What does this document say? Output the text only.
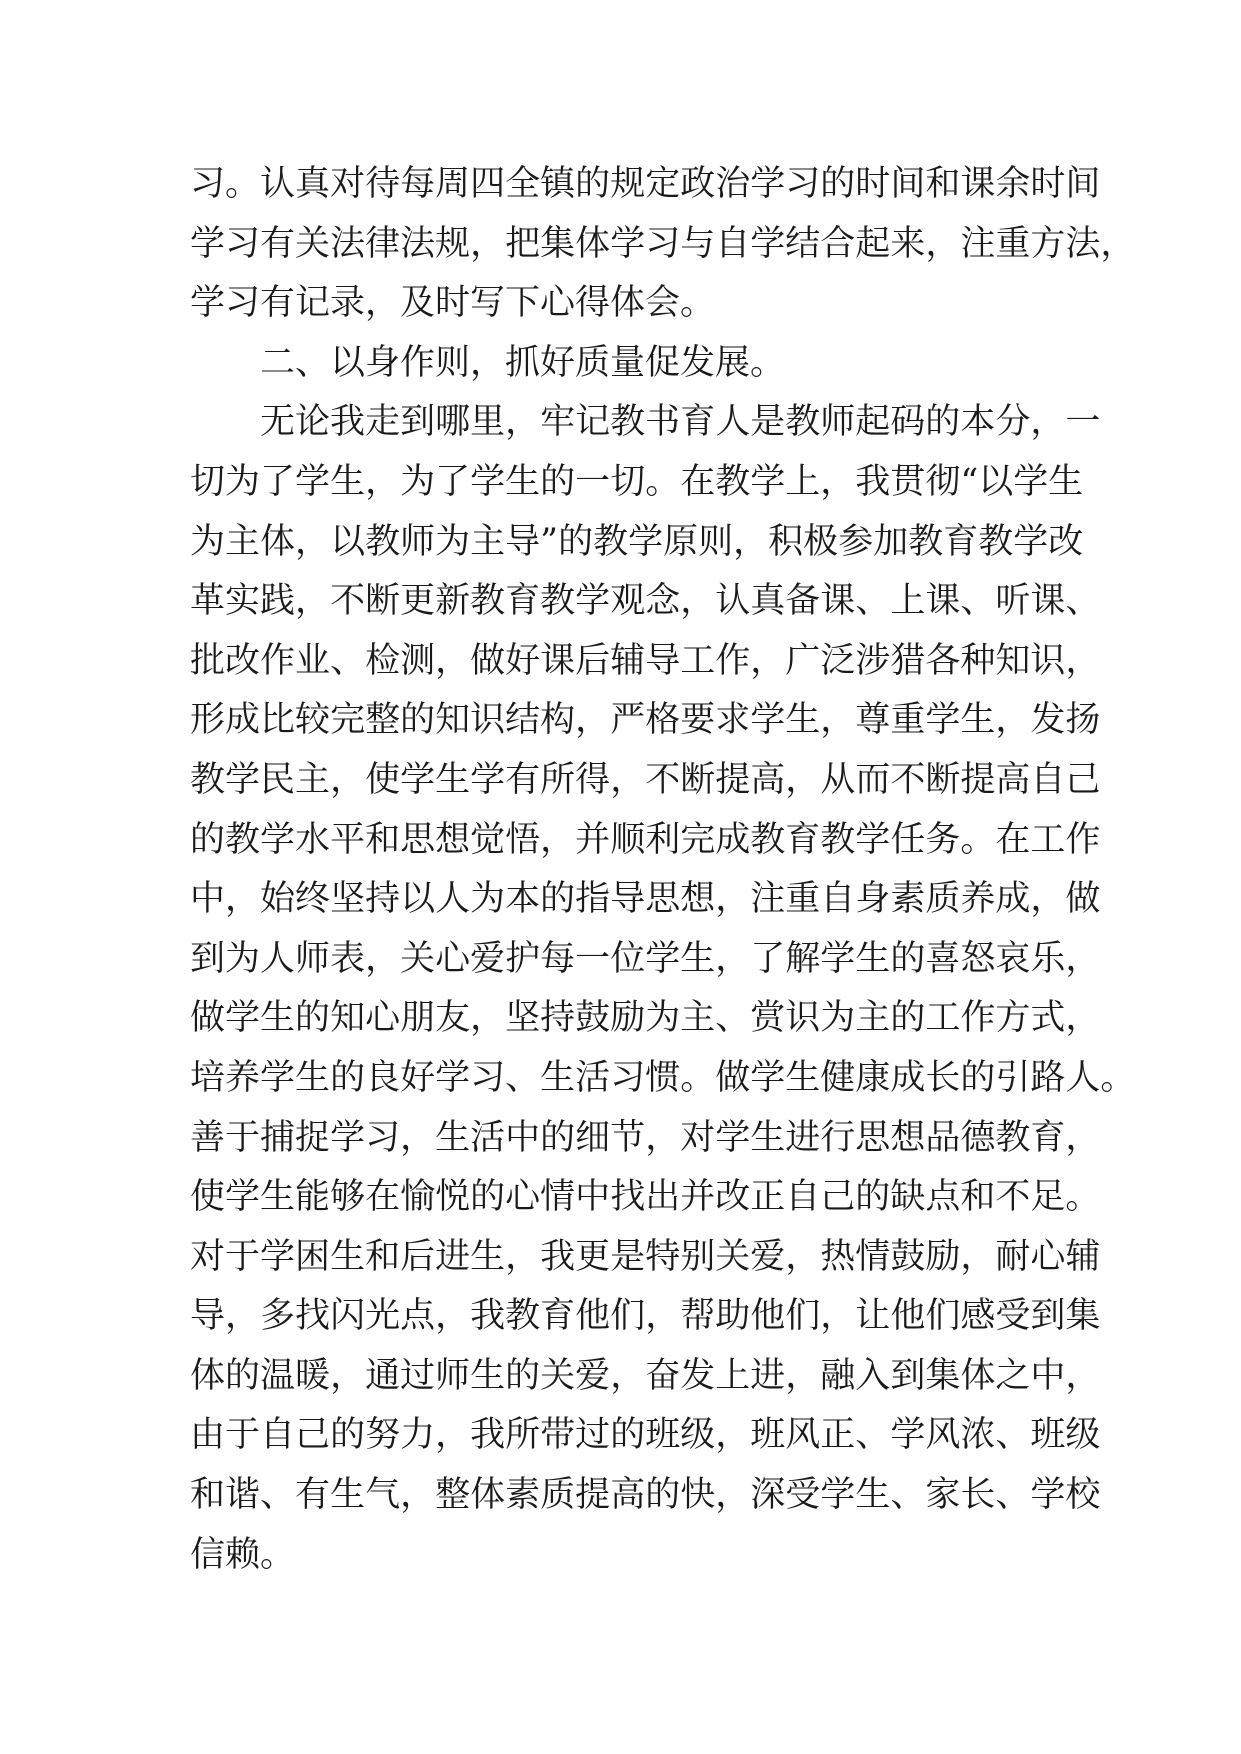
习 。 认 真 对 待 每 周 四 全 镇 的 规 定 政 治 学 习 的 时 间 和 课 余 时 间
学 习 有 关 法 律 法 规 ， 把 集 体 学 习 与 自 学 结 合 起 来 ， 注 重 方 法 ，
学习有记录，及时写下心得体会。
二、以身作则，抓好质量促发展。
无 论 我 走 到 哪 里 ， 牢 记 教 书 育 人 是 教 师 起 码 的 本 分 ， 一
切 为 了 学 生 ， 为 了 学 生 的 一 切 。 在 教 学 上 ， 我 贯 彻 “ 以 学 生
为 主 体 ， 以 教 师 为 主 导 ” 的 教 学 原 则 ， 积 极 参 加 教 育 教 学 改
革 实 践 ， 不 断 更 新 教 育 教 学 观 念 ， 认 真 备 课 、 上 课 、 听 课 、
批 改 作 业 、 检 测 ， 做 好 课 后 辅 导 工 作 ， 广 泛 涉 猎 各 种 知 识 ，
形 成 比 较 完 整 的 知 识 结 构 ， 严 格 要 求 学 生 ， 尊 重 学 生 ， 发 扬
教 学 民 主 ， 使 学 生 学 有 所 得 ， 不 断 提 高 ， 从 而 不 断 提 高 自 己
的 教 学 水 平 和 思 想 觉 悟 ， 并 顺 利 完 成 教 育 教 学 任 务 。 在 工 作
中 ， 始 终 坚 持 以 人 为 本 的 指 导 思 想 ， 注 重 自 身 素 质 养 成 ， 做
到 为 人 师 表 ， 关 心 爱 护 每 一 位 学 生 ， 了 解 学 生 的 喜 怒 哀 乐 ，
做 学 生 的 知 心 朋 友 ， 坚 持 鼓 励 为 主 、 赏 识 为 主 的 工 作 方 式 ，
培 养 学 生 的 良 好 学 习 、 生 活 习 惯 。 做 学 生 健 康 成 长 的 引 路 人 。
善 于 捕 捉 学 习 ， 生 活 中 的 细 节 ， 对 学 生 进 行 思 想 品 德 教 育 ，
使 学 生 能 够 在 愉 悦 的 心 情 中 找 出 并 改 正 自 己 的 缺 点 和 不 足 。
对 于 学 困 生 和 后 进 生 ， 我 更 是 特 别 关 爱 ， 热 情 鼓 励 ， 耐 心 辅
导 ， 多 找 闪 光 点 ， 我 教 育 他 们 ， 帮 助 他 们 ， 让 他 们 感 受 到 集
体 的 温 暖 ， 通 过 师 生 的 关 爱 ， 奋 发 上 进 ， 融 入 到 集 体 之 中 ，
由 于 自 己 的 努 力 ， 我 所 带 过 的 班 级 ， 班 风 正 、 学 风 浓 、 班 级
和 谐 、 有 生 气 ， 整 体 素 质 提 高 的 快 ， 深 受 学 生 、 家 长 、 学 校
信赖。
